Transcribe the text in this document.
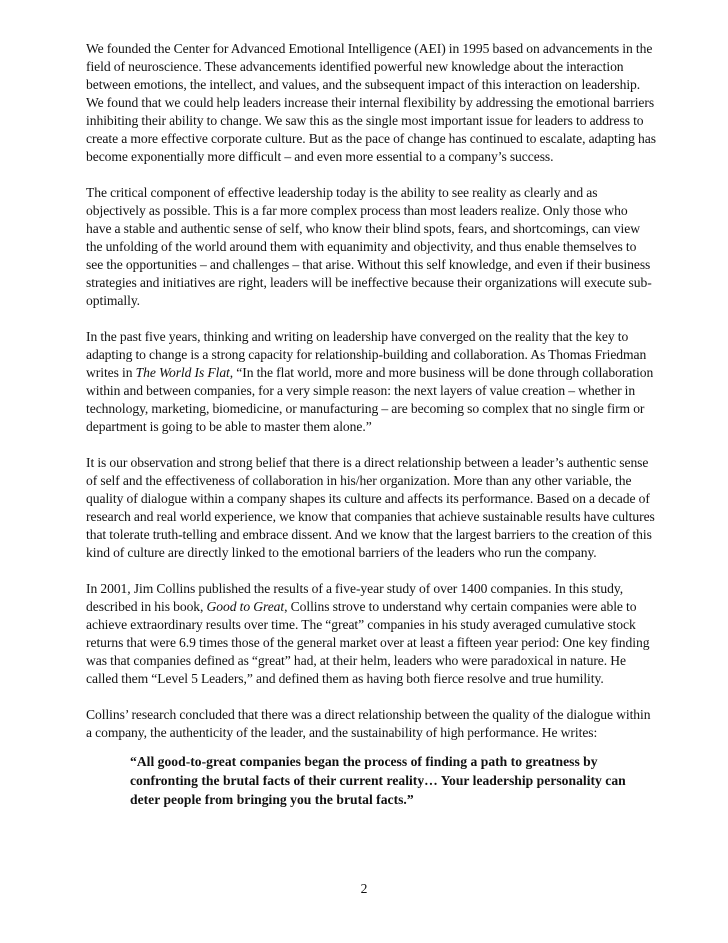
We founded the Center for Advanced Emotional Intelligence (AEI) in 1995 based on advancements in the field of neuroscience. These advancements identified powerful new knowledge about the interaction between emotions, the intellect, and values, and the subsequent impact of this interaction on leadership. We found that we could help leaders increase their internal flexibility by addressing the emotional barriers inhibiting their ability to change. We saw this as the single most important issue for leaders to address to create a more effective corporate culture. But as the pace of change has continued to escalate, adapting has become exponentially more difficult – and even more essential to a company’s success.

The critical component of effective leadership today is the ability to see reality as clearly and as objectively as possible. This is a far more complex process than most leaders realize. Only those who have a stable and authentic sense of self, who know their blind spots, fears, and shortcomings, can view the unfolding of the world around them with equanimity and objectivity, and thus enable themselves to see the opportunities – and challenges – that arise. Without this self knowledge, and even if their business strategies and initiatives are right, leaders will be ineffective because their organizations will execute sub-optimally.

In the past five years, thinking and writing on leadership have converged on the reality that the key to adapting to change is a strong capacity for relationship-building and collaboration. As Thomas Friedman writes in The World Is Flat, “In the flat world, more and more business will be done through collaboration within and between companies, for a very simple reason: the next layers of value creation – whether in technology, marketing, biomedicine, or manufacturing – are becoming so complex that no single firm or department is going to be able to master them alone.”

It is our observation and strong belief that there is a direct relationship between a leader’s authentic sense of self and the effectiveness of collaboration in his/her organization. More than any other variable, the quality of dialogue within a company shapes its culture and affects its performance. Based on a decade of research and real world experience, we know that companies that achieve sustainable results have cultures that tolerate truth-telling and embrace dissent. And we know that the largest barriers to the creation of this kind of culture are directly linked to the emotional barriers of the leaders who run the company.

In 2001, Jim Collins published the results of a five-year study of over 1400 companies. In this study, described in his book, Good to Great, Collins strove to understand why certain companies were able to achieve extraordinary results over time. The “great” companies in his study averaged cumulative stock returns that were 6.9 times those of the general market over at least a fifteen year period: One key finding was that companies defined as “great” had, at their helm, leaders who were paradoxical in nature. He called them “Level 5 Leaders,” and defined them as having both fierce resolve and true humility.

Collins’ research concluded that there was a direct relationship between the quality of the dialogue within a company, the authenticity of the leader, and the sustainability of high performance. He writes:

“All good-to-great companies began the process of finding a path to greatness by confronting the brutal facts of their current reality… Your leadership personality can deter people from bringing you the brutal facts.”

2
